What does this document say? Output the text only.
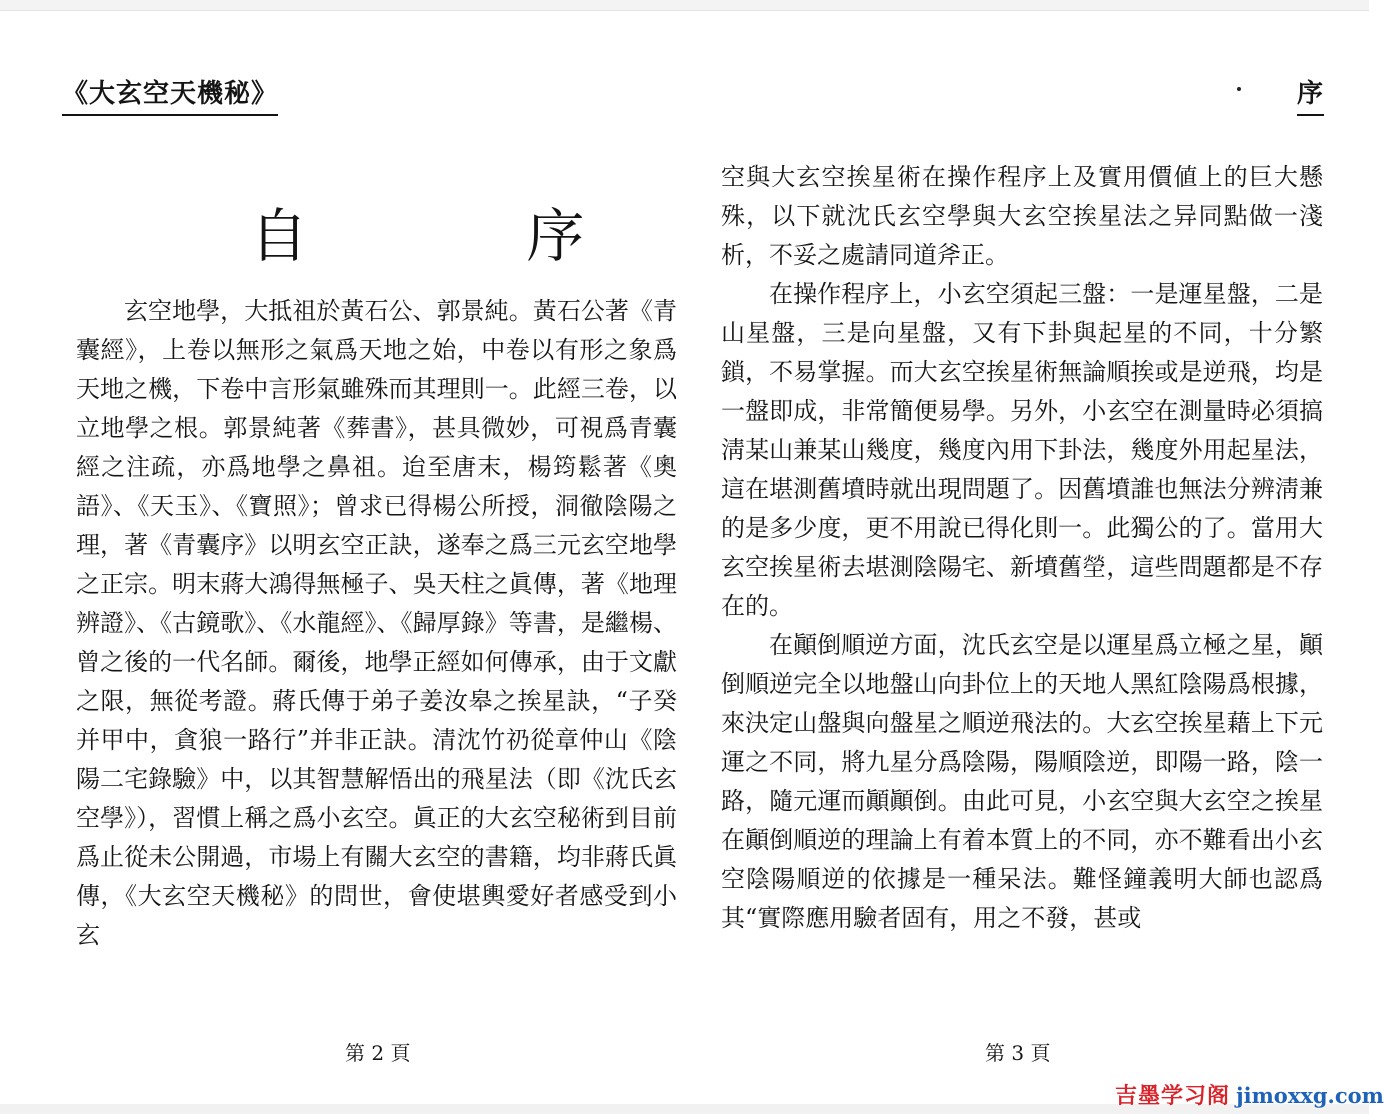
《大玄空天機秘》
自 序

玄空地學，大抵祖於黃石公、郭景純。黃石公著《青囊經》，上卷以無形之氣爲天地之始，中卷以有形之象爲天地之機，下卷中言形氣雖殊而其理則一。此經三卷，以立地學之根。郭景純著《葬書》，甚具微妙，可視爲青囊經之注疏，亦爲地學之鼻祖。迨至唐末，楊筠鬆著《奧語》、《天玉》、《寶照》；曾求已得楊公所授，洞徹陰陽之理，著《青囊序》以明玄空正訣，遂奉之爲三元玄空地學之正宗。明末蔣大鴻得無極子、吳天柱之眞傳，著《地理辨證》、《古鏡歌》、《水龍經》、《歸厚錄》等書，是繼楊、曾之後的一代名師。爾後，地學正經如何傳承，由于文獻之限，無從考證。蔣氏傳于弟子姜汝皋之挨星訣，“子癸并甲中，貪狼一路行”并非正訣。清沈竹礽從章仲山《陰陽二宅錄驗》中，以其智慧解悟出的飛星法（即《沈氏玄空學》），習慣上稱之爲小玄空。眞正的大玄空秘術到目前爲止從未公開過，市場上有關大玄空的書籍，均非蔣氏眞傳，《大玄空天機秘》的問世，會使堪輿愛好者感受到小玄

第 2 頁
序

空與大玄空挨星術在操作程序上及實用價値上的巨大懸殊，以下就沈氏玄空學與大玄空挨星法之异同點做一淺析，不妥之處請同道斧正。

在操作程序上，小玄空須起三盤：一是運星盤，二是山星盤，三是向星盤，又有下卦與起星的不同，十分繁鎖，不易掌握。而大玄空挨星術無論順挨或是逆飛，均是一盤即成，非常簡便易學。另外，小玄空在測量時必須搞淸某山兼某山幾度，幾度內用下卦法，幾度外用起星法，這在堪測舊墳時就出現問題了。因舊墳誰也無法分辨淸兼的是多少度，更不用說已得化則一。此獨公的了。當用大玄空挨星術去堪測陰陽宅、新墳舊塋，這些問題都是不存在的。

在顚倒順逆方面，沈氏玄空是以運星爲立極之星，顚倒順逆完全以地盤山向卦位上的天地人黑紅陰陽爲根據，來決定山盤與向盤星之順逆飛法的。大玄空挨星藉上下元運之不同，將九星分爲陰陽，陽順陰逆，即陽一路，陰一路，隨元運而顚顚倒。由此可見，小玄空與大玄空之挨星在顚倒順逆的理論上有着本質上的不同，亦不難看出小玄空陰陽順逆的依據是一種呆法。難怪鐘義明大師也認爲其“實際應用驗者固有，用之不發，甚或

第 3 頁
吉墨学习阁 jimoxxg.com
